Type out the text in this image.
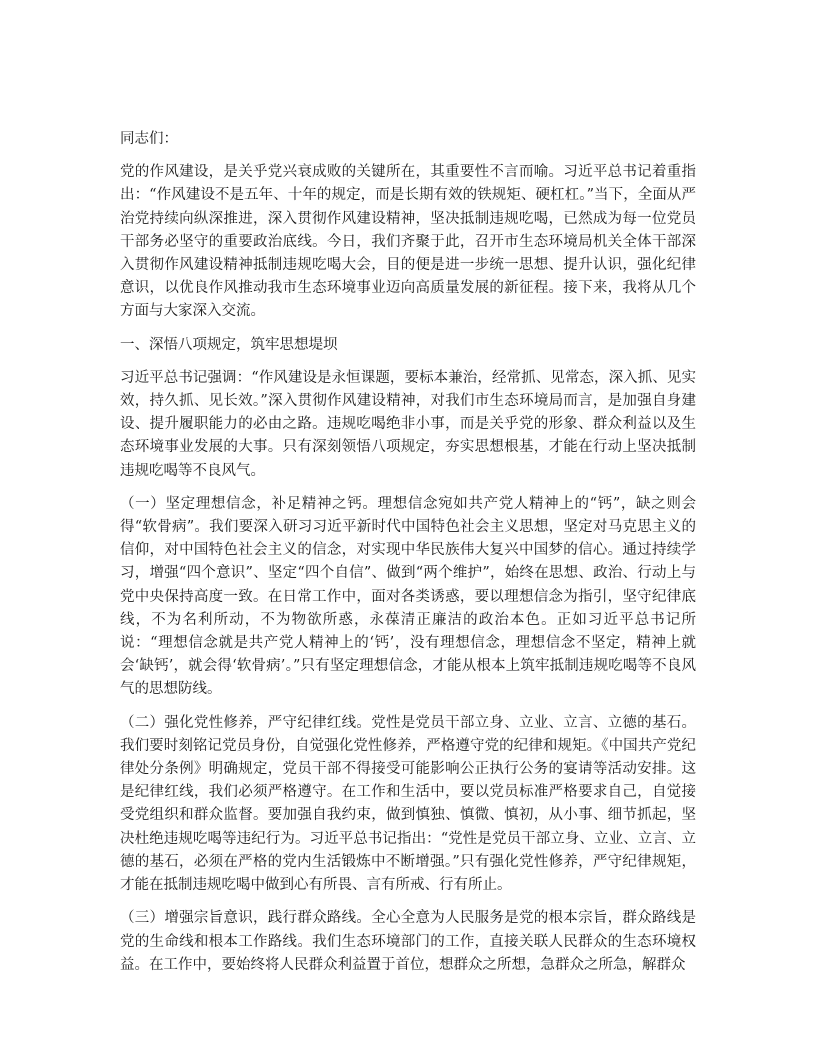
同志们：

党的作风建设，是关乎党兴衰成败的关键所在，其重要性不言而喻。习近平总书记着重指出：“作风建设不是五年、十年的规定，而是长期有效的铁规矩、硬杠杠。”当下，全面从严治党持续向纵深推进，深入贯彻作风建设精神，坚决抵制违规吃喝，已然成为每一位党员干部务必坚守的重要政治底线。今日，我们齐聚于此，召开市生态环境局机关全体干部深入贯彻作风建设精神抵制违规吃喝大会，目的便是进一步统一思想、提升认识，强化纪律意识，以优良作风推动我市生态环境事业迈向高质量发展的新征程。接下来，我将从几个方面与大家深入交流。

一、深悟八项规定，筑牢思想堤坝

习近平总书记强调：“作风建设是永恒课题，要标本兼治，经常抓、见常态，深入抓、见实效，持久抓、见长效。”深入贯彻作风建设精神，对我们市生态环境局而言，是加强自身建设、提升履职能力的必由之路。违规吃喝绝非小事，而是关乎党的形象、群众利益以及生态环境事业发展的大事。只有深刻领悟八项规定，夯实思想根基，才能在行动上坚决抵制违规吃喝等不良风气。

（一）坚定理想信念，补足精神之钙。理想信念宛如共产党人精神上的“钙”，缺之则会得“软骨病”。我们要深入研习习近平新时代中国特色社会主义思想，坚定对马克思主义的信仰，对中国特色社会主义的信念，对实现中华民族伟大复兴中国梦的信心。通过持续学习，增强“四个意识”、坚定“四个自信”、做到“两个维护”，始终在思想、政治、行动上与党中央保持高度一致。在日常工作中，面对各类诱惑，要以理想信念为指引，坚守纪律底线，不为名利所动，不为物欲所惑，永葆清正廉洁的政治本色。正如习近平总书记所说：“理想信念就是共产党人精神上的‘钙’，没有理想信念，理想信念不坚定，精神上就会‘缺钙’，就会得‘软骨病’。”只有坚定理想信念，才能从根本上筑牢抵制违规吃喝等不良风气的思想防线。

（二）强化党性修养，严守纪律红线。党性是党员干部立身、立业、立言、立德的基石。我们要时刻铭记党员身份，自觉强化党性修养，严格遵守党的纪律和规矩。《中国共产党纪律处分条例》明确规定，党员干部不得接受可能影响公正执行公务的宴请等活动安排。这是纪律红线，我们必须严格遵守。在工作和生活中，要以党员标准严格要求自己，自觉接受党组织和群众监督。要加强自我约束，做到慎独、慎微、慎初，从小事、细节抓起，坚决杜绝违规吃喝等违纪行为。习近平总书记指出：“党性是党员干部立身、立业、立言、立德的基石，必须在严格的党内生活锻炼中不断增强。”只有强化党性修养，严守纪律规矩，才能在抵制违规吃喝中做到心有所畏、言有所戒、行有所止。

（三）增强宗旨意识，践行群众路线。全心全意为人民服务是党的根本宗旨，群众路线是党的生命线和根本工作路线。我们生态环境部门的工作，直接关联人民群众的生态环境权益。在工作中，要始终将人民群众利益置于首位，想群众之所想，急群众之所急，解群众
